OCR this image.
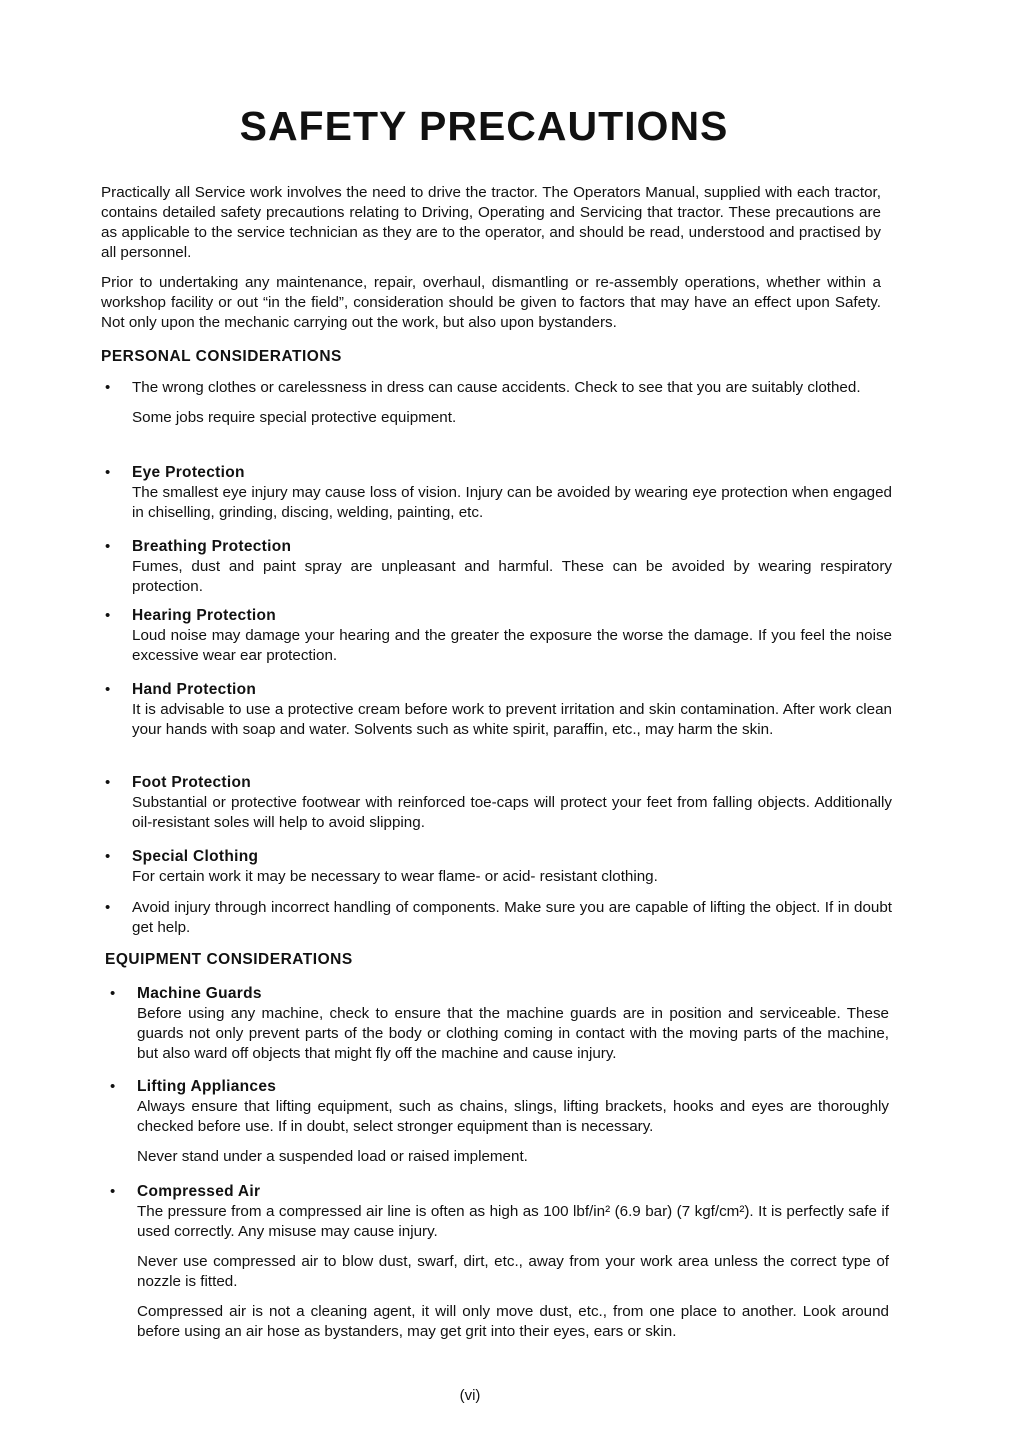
SAFETY PRECAUTIONS

Practically all Service work involves the need to drive the tractor. The Operators Manual, supplied with each tractor, contains detailed safety precautions relating to Driving, Operating and Servicing that tractor. These precautions are as applicable to the service technician as they are to the operator, and should be read, understood and practised by all personnel.

Prior to undertaking any maintenance, repair, overhaul, dismantling or re-assembly operations, whether within a workshop facility or out “in the field”, consideration should be given to factors that may have an effect upon Safety. Not only upon the mechanic carrying out the work, but also upon bystanders.

PERSONAL CONSIDERATIONS
• The wrong clothes or carelessness in dress can cause accidents. Check to see that you are suitably clothed.

Some jobs require special protective equipment.

• Eye Protection

The smallest eye injury may cause loss of vision. Injury can be avoided by wearing eye protection when engaged in chiselling, grinding, discing, welding, painting, etc.

• Breathing Protection

Fumes, dust and paint spray are unpleasant and harmful. These can be avoided by wearing respiratory protection.

• Hearing Protection

Loud noise may damage your hearing and the greater the exposure the worse the damage. If you feel the noise excessive wear ear protection.

• Hand Protection

It is advisable to use a protective cream before work to prevent irritation and skin contamination. After work clean your hands with soap and water. Solvents such as white spirit, paraffin, etc., may harm the skin.

• Foot Protection

Substantial or protective footwear with reinforced toe-caps will protect your feet from falling objects. Additionally oil-resistant soles will help to avoid slipping.

• Special Clothing

For certain work it may be necessary to wear flame- or acid- resistant clothing.

• Avoid injury through incorrect handling of components. Make sure you are capable of lifting the object. If in doubt get help.

EQUIPMENT CONSIDERATIONS
• Machine Guards

Before using any machine, check to ensure that the machine guards are in position and serviceable. These guards not only prevent parts of the body or clothing coming in contact with the moving parts of the machine, but also ward off objects that might fly off the machine and cause injury.

• Lifting Appliances

Always ensure that lifting equipment, such as chains, slings, lifting brackets, hooks and eyes are thoroughly checked before use. If in doubt, select stronger equipment than is necessary.

Never stand under a suspended load or raised implement.

• Compressed Air

The pressure from a compressed air line is often as high as 100 lbf/in² (6.9 bar) (7 kgf/cm²). It is perfectly safe if used correctly. Any misuse may cause injury.

Never use compressed air to blow dust, swarf, dirt, etc., away from your work area unless the correct type of nozzle is fitted.

Compressed air is not a cleaning agent, it will only move dust, etc., from one place to another. Look around before using an air hose as bystanders, may get grit into their eyes, ears or skin.

(vi)
